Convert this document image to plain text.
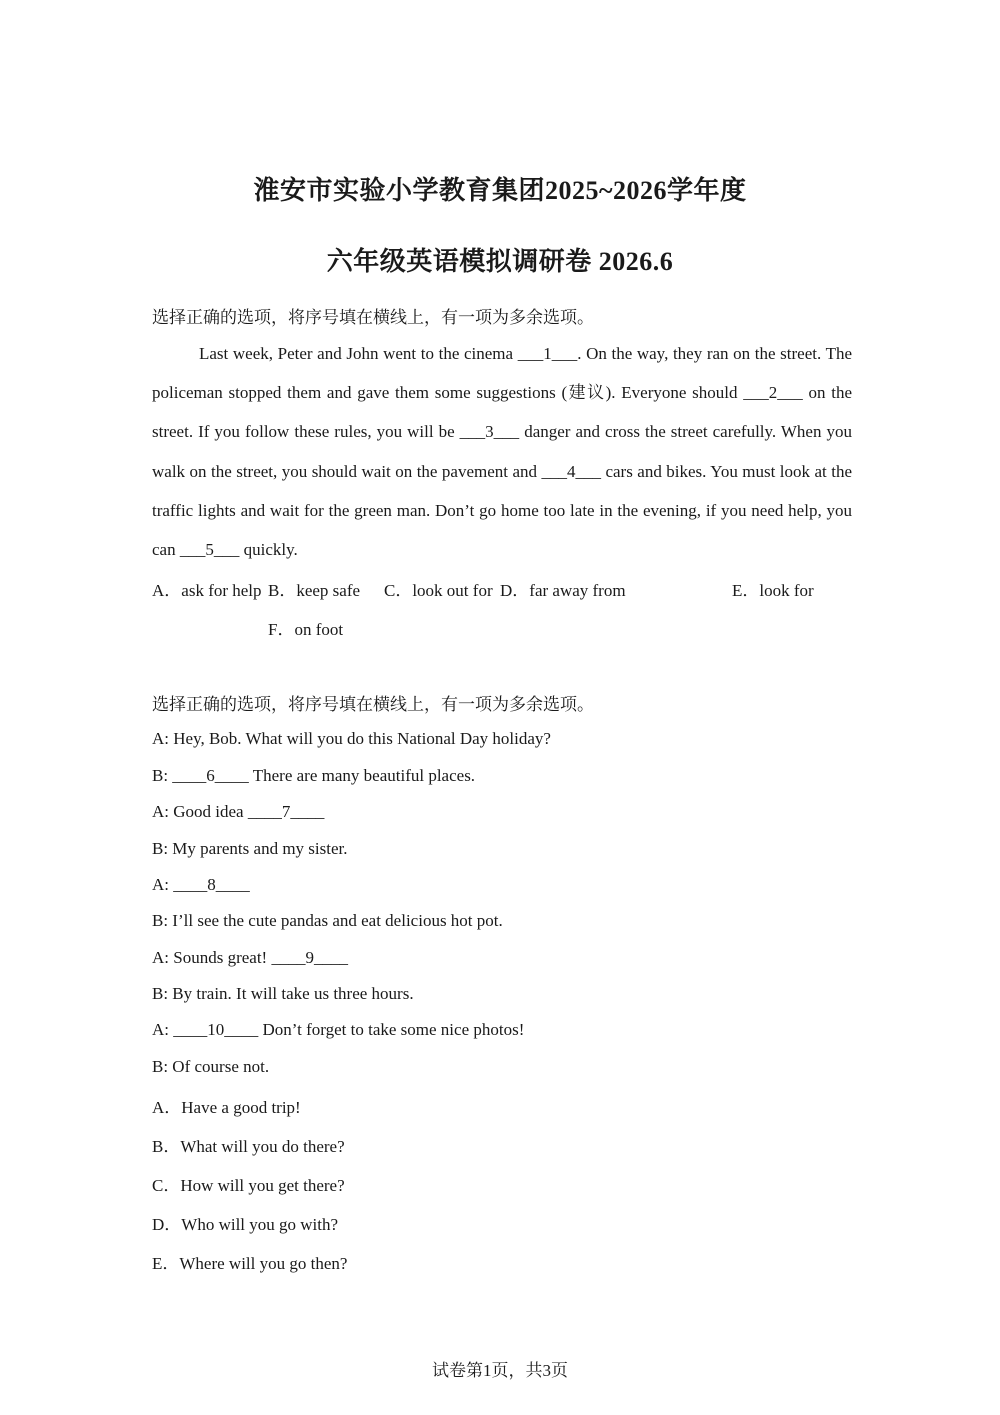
淮安市实验小学教育集团2025~2026学年度
六年级英语模拟调研卷 2026.6
选择正确的选项，将序号填在横线上，有一项为多余选项。

Last week, Peter and John went to the cinema ___1___. On the way, they ran on the street. The policeman stopped them and gave them some suggestions (建议). Everyone should ___2___ on the street. If you follow these rules, you will be ___3___ danger and cross the street carefully. When you walk on the street, you should wait on the pavement and ___4___ cars and bikes. You must look at the traffic lights and wait for the green man. Don’t go home too late in the evening, if you need help, you can ___5___ quickly.

A．ask for help B．keep safe C．look out for D．far away from	E．look for
F．on foot
选择正确的选项，将序号填在横线上，有一项为多余选项。
A: Hey, Bob. What will you do this National Day holiday?
B: ____6____ There are many beautiful places.
A: Good idea ____7____
B: My parents and my sister.
A: ____8____
B: I’ll see the cute pandas and eat delicious hot pot.
A: Sounds great! ____9____
B: By train. It will take us three hours.
A: ____10____ Don’t forget to take some nice photos!
B: Of course not.
A．Have a good trip!
B．What will you do there?
C．How will you get there?
D．Who will you go with?
E．Where will you go then?
试卷第1页，共3页
